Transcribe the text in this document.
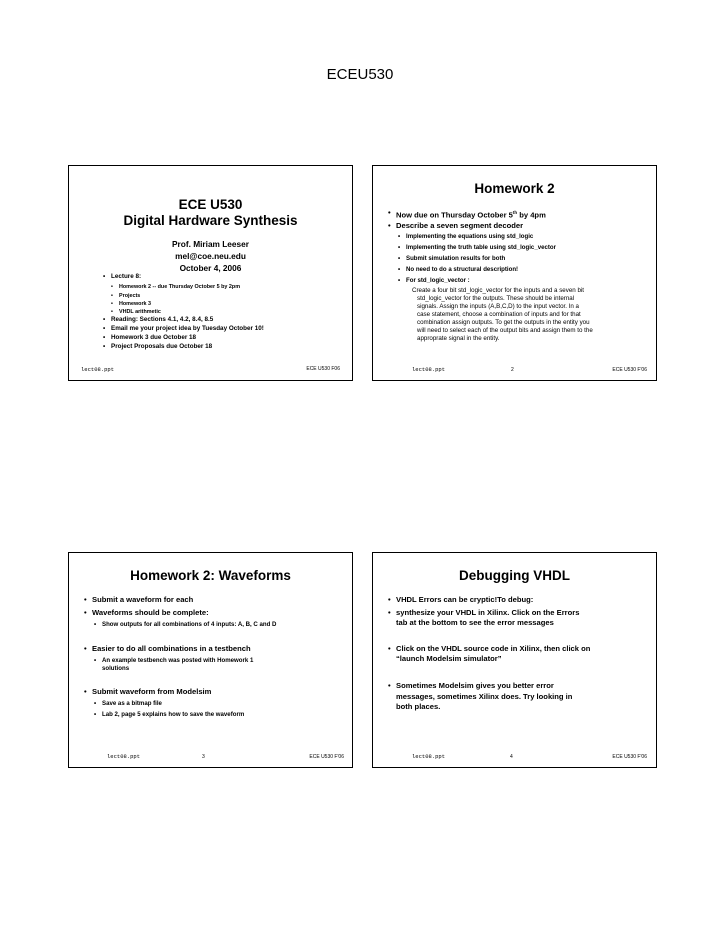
ECEU530
ECE U530
Digital Hardware Synthesis
Prof. Miriam Leeser
mel@coe.neu.edu
October 4, 2006
• Lecture 8:
• Homework 2 -- due Thursday October 5 by 2pm
• Projects
• Homework 3
• VHDL arithmetic
• Reading: Sections 4.1, 4.2, 8.4, 8.5
• Email me your project idea by Tuesday October 10!
• Homework 3 due October 18
• Project Proposals due October 18
lect08.ppt	ECE U530 F06
Homework 2
• Now due on Thursday October 5th by 4pm
• Describe a seven segment decoder
• Implementing the equations using std_logic
• Implementing the truth table using std_logic_vector
• Submit simulation results for both
• No need to do a structural description!
• For std_logic_vector :
Create a four bit std_logic_vector for the inputs and a seven bit
std_logic_vector for the outputs. These should be internal
signals. Assign the inputs (A,B,C,D) to the input vector. In a
case statement, choose a combination of inputs and for that
combination assign outputs. To get the outputs in the entity you
will need to select each of the output bits and assign them to the
approprate signal in the entity.
lect08.ppt	2	ECE U530 F'06
Homework 2: Waveforms
• Submit a waveform for each
• Waveforms should be complete:
• Show outputs for all combinations of 4 inputs: A, B, C and D
• Easier to do all combinations in a testbench
• An example testbench was posted with Homework 1
solutions
• Submit waveform from Modelsim
• Save as a bitmap file
• Lab 2, page 5 explains how to save the waveform
lect08.ppt	3	ECE U530 F'06
Debugging VHDL
• VHDL Errors can be cryptic!To debug:
• synthesize your VHDL in Xilinx. Click on the Errors
tab at the bottom to see the error messages
• Click on the VHDL source code in Xilinx, then click on
“launch Modelsim simulator”
• Sometimes Modelsim gives you better error
messages, sometimes Xilinx does. Try looking in
both places.
lect08.ppt	4	ECE U530 F'06
